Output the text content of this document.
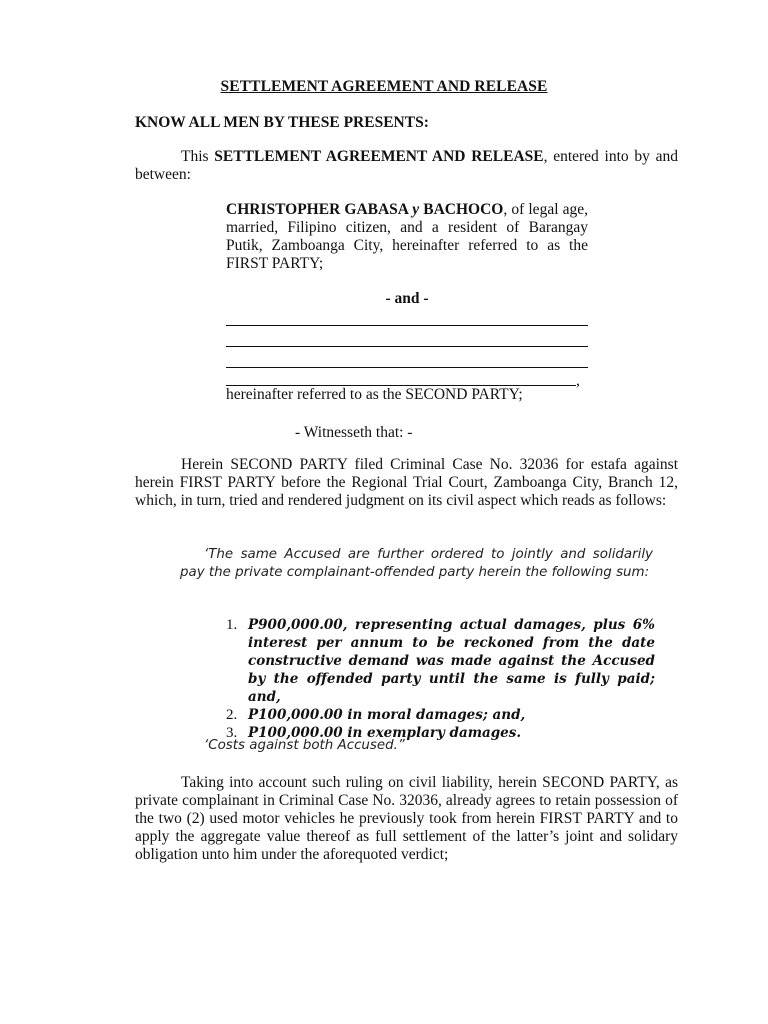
SETTLEMENT AGREEMENT AND RELEASE
KNOW ALL MEN BY THESE PRESENTS:
This SETTLEMENT AGREEMENT AND RELEASE, entered into by and between:
CHRISTOPHER GABASA y BACHOCO, of legal age, married, Filipino citizen, and a resident of Barangay Putik, Zamboanga City, hereinafter referred to as the FIRST PARTY;
- and -
,
hereinafter referred to as the SECOND PARTY;
- Witnesseth that: -
Herein SECOND PARTY filed Criminal Case No. 32036 for estafa against herein FIRST PARTY before the Regional Trial Court, Zamboanga City, Branch 12, which, in turn, tried and rendered judgment on its civil aspect which reads as follows:
‘The same Accused are further ordered to jointly and solidarily pay the private complainant-offended party herein the following sum:
1. P900,000.00, representing actual damages, plus 6% interest per annum to be reckoned from the date constructive demand was made against the Accused by the offended party until the same is fully paid; and,
2. P100,000.00 in moral damages; and,
3. P100,000.00 in exemplary damages.
‘Costs against both Accused.”
Taking into account such ruling on civil liability, herein SECOND PARTY, as private complainant in Criminal Case No. 32036, already agrees to retain possession of the two (2) used motor vehicles he previously took from herein FIRST PARTY and to apply the aggregate value thereof as full settlement of the latter’s joint and solidary obligation unto him under the aforequoted verdict;
